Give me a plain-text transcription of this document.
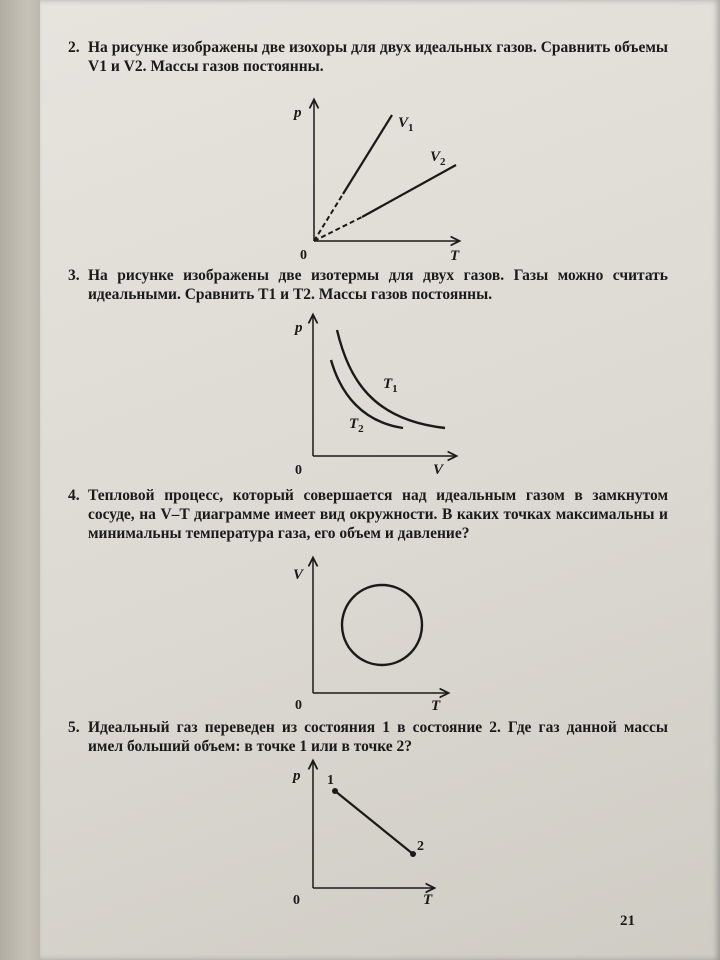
2. На рисунке изображены две изохоры для двух идеальных газов. Сравнить объемы V1 и V2. Массы газов постоянны.
p
T
0
$V_1$
$V_2$
3. На рисунке изображены две изотермы для двух газов. Газы можно считать идеальными. Сравнить T1 и T2. Массы газов постоянны.
p
V
0
$T_1$
$T_2$
4. Тепловой процесс, который совершается над идеальным газом в замкнутом сосуде, на V–T диаграмме имеет вид окружности. В каких точках максимальны и минимальны температура газа, его объем и давление?
V
T
0
5. Идеальный газ переведен из состояния 1 в состояние 2. Где газ данной массы имел больший объем: в точке 1 или в точке 2?
p
T
0
1
2
21
